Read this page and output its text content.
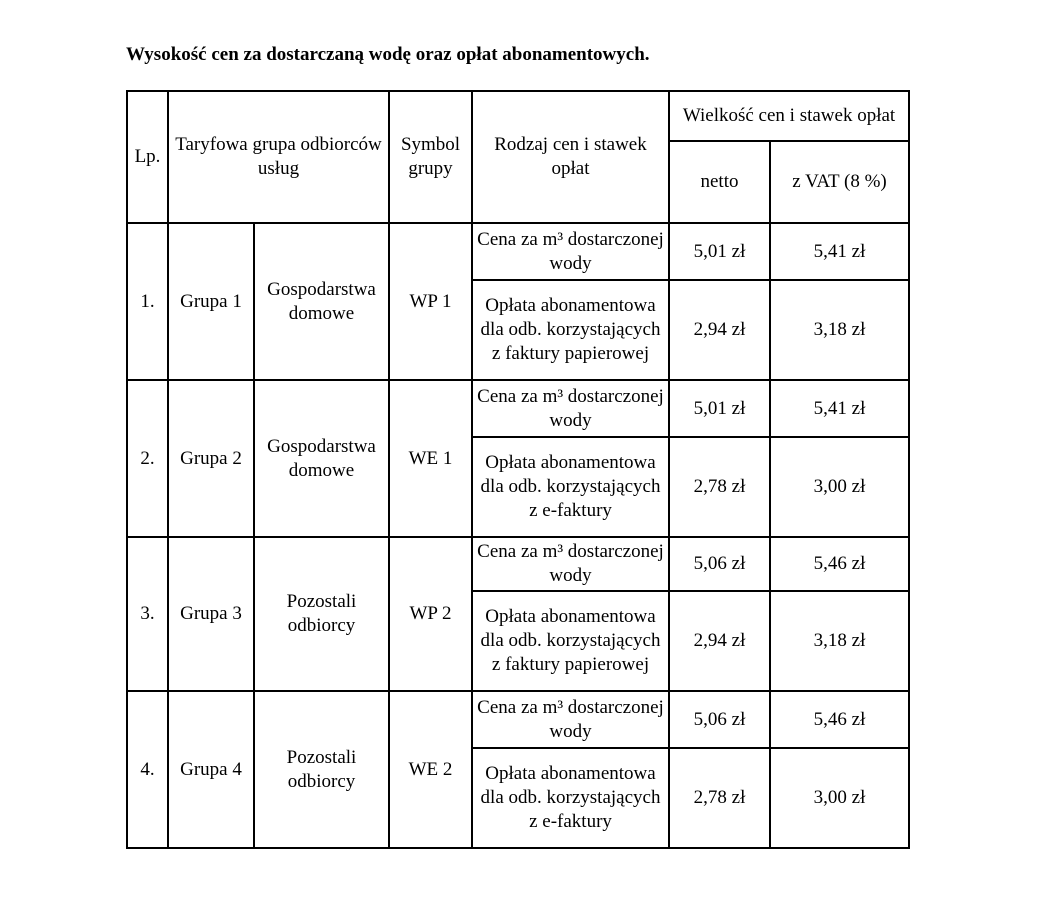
Wysokość cen za dostarczaną wodę oraz opłat abonamentowych.
Lp.	Taryfowa grupa odbiorców usług		Symbol grupy	Rodzaj cen i stawek opłat	Wielkość cen i stawek opłat	
					netto	z VAT (8 %)
1.	Grupa 1	Gospodarstwa domowe	WP 1	Cena za m³ dostarczonej wody	5,01 zł	5,41 zł
				Opłata abonamentowa dla odb. korzystających z faktury papierowej	2,94 zł	3,18 zł
2.	Grupa 2	Gospodarstwa domowe	WE 1	Cena za m³ dostarczonej wody	5,01 zł	5,41 zł
				Opłata abonamentowa dla odb. korzystających z e-faktury	2,78 zł	3,00 zł
3.	Grupa 3	Pozostali odbiorcy	WP 2	Cena za m³ dostarczonej wody	5,06 zł	5,46 zł
				Opłata abonamentowa dla odb. korzystających z faktury papierowej	2,94 zł	3,18 zł
4.	Grupa 4	Pozostali odbiorcy	WE 2	Cena za m³ dostarczonej wody	5,06 zł	5,46 zł
				Opłata abonamentowa dla odb. korzystających z e-faktury	2,78 zł	3,00 zł
